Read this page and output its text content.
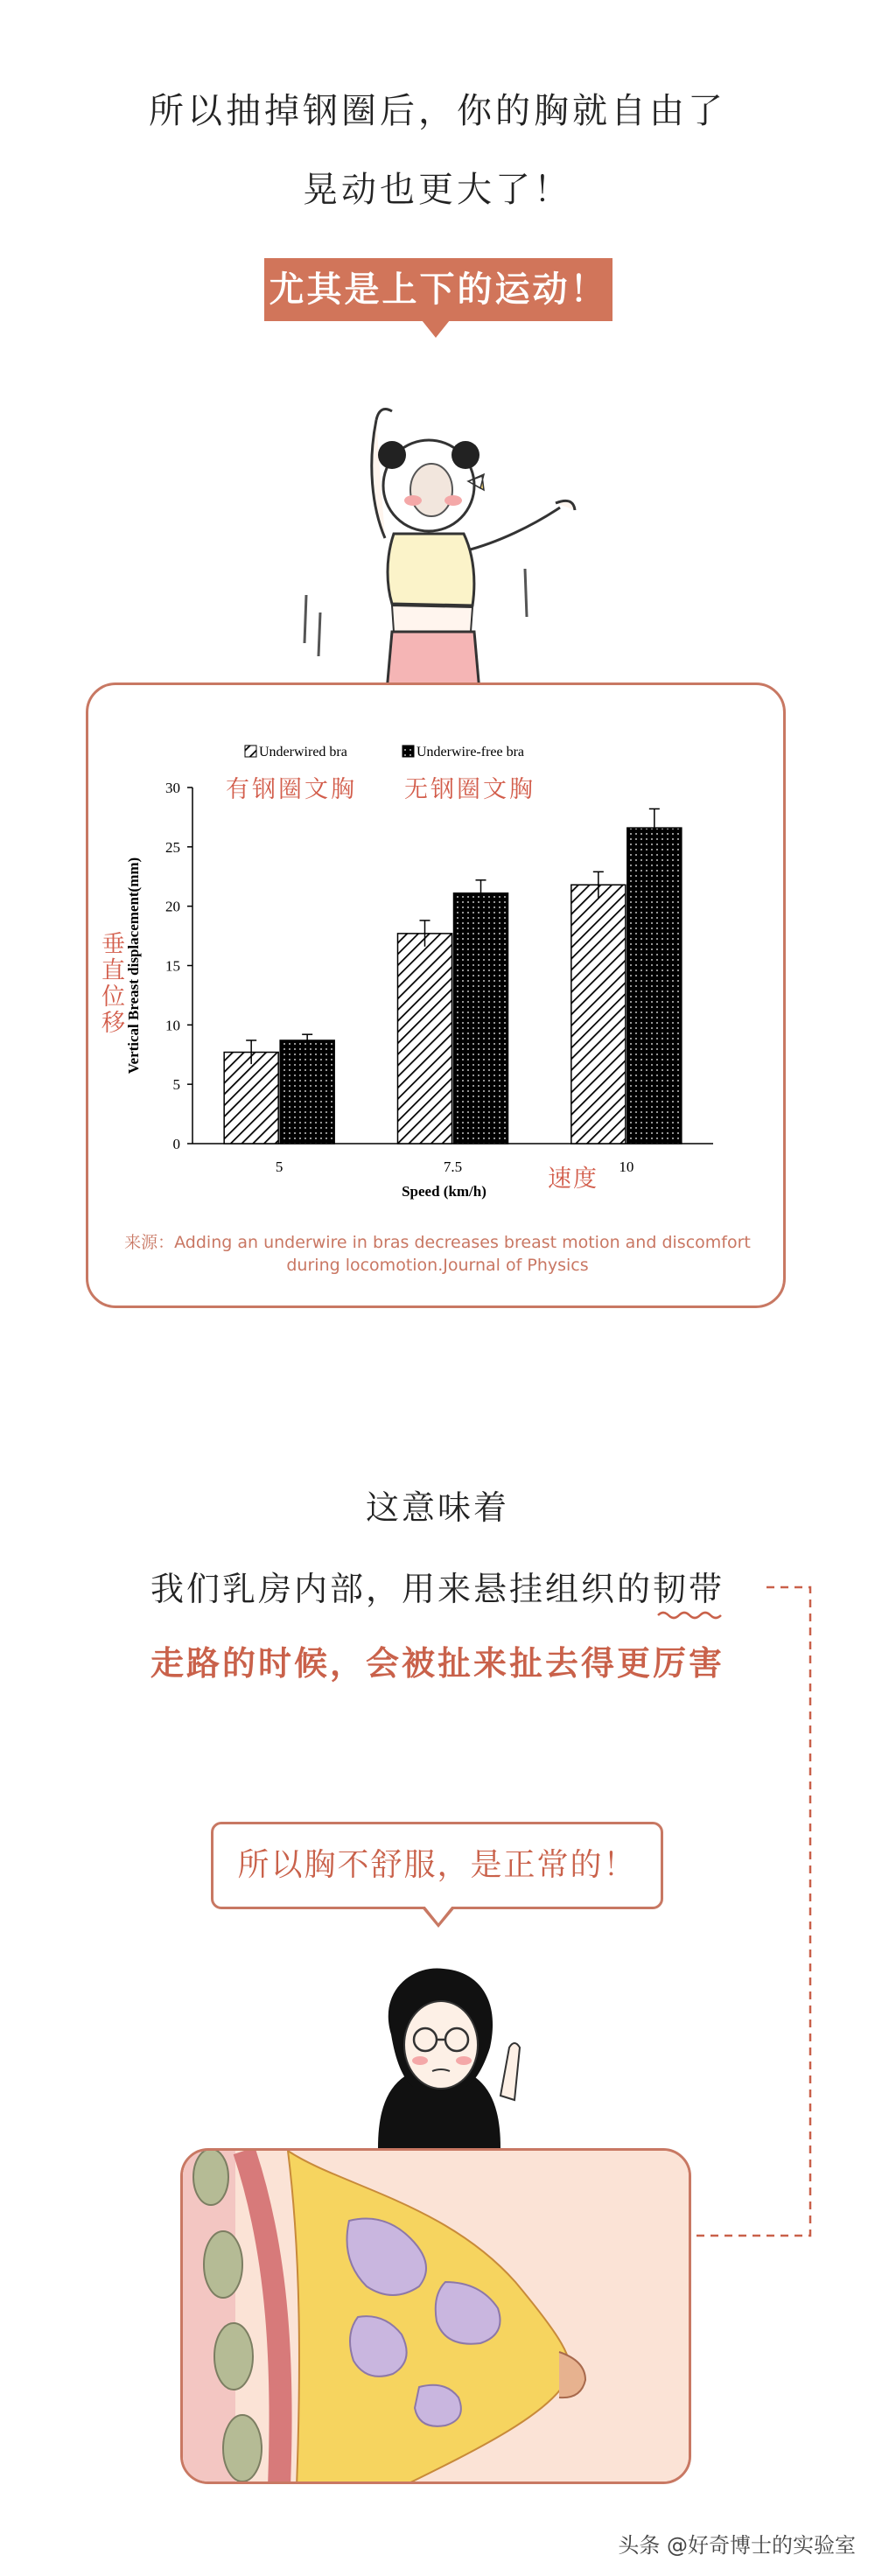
所以抽掉钢圈后，你的胸就自由了
晃动也更大了！
尤其是上下的运动！
0
5
10
15
20
25
30
5	7.5	10
Speed (km/h)
Vertical Breast displacement(mm)
Underwired bra	Underwire-free bra
有钢圈文胸 无钢圈文胸
垂直位移
速度
来源：Adding an underwire in bras decreases breast motion and discomfort
during locomotion.Journal of Physics
这意味着
我们乳房内部，用来悬挂组织的韧带
走路的时候，会被扯来扯去得更厉害
所以胸不舒服，是正常的！
头条 @好奇博士的实验室
